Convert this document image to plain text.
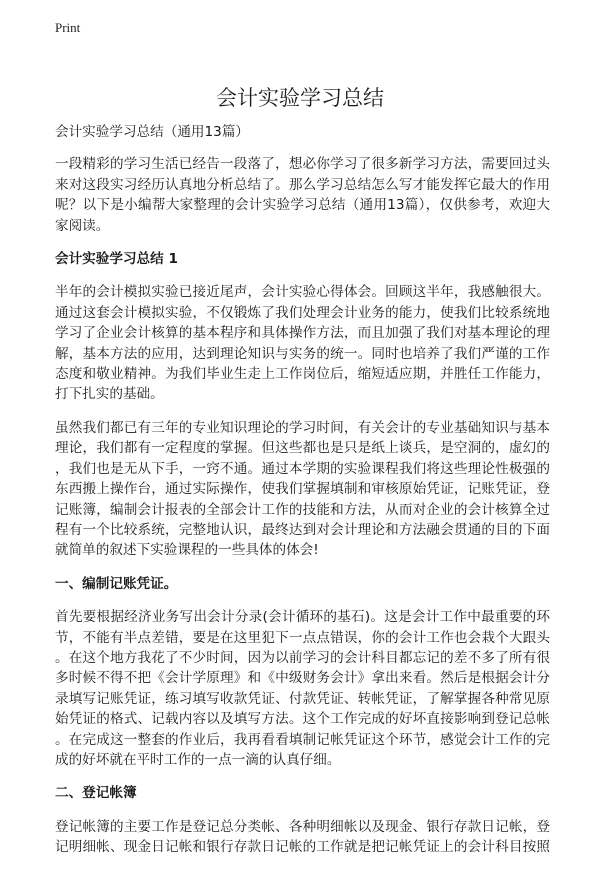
Print
会计实验学习总结
会计实验学习总结（通用13篇）
一段精彩的学习生活已经告一段落了，想必你学习了很多新学习方法，需要回过头
来对这段实习经历认真地分析总结了。那么学习总结怎么写才能发挥它最大的作用
呢？以下是小编帮大家整理的会计实验学习总结（通用13篇），仅供参考，欢迎大
家阅读。
会计实验学习总结 1
半年的会计模拟实验已接近尾声，会计实验心得体会。回顾这半年，我感触很大。
通过这套会计模拟实验，不仅锻炼了我们处理会计业务的能力，使我们比较系统地
学习了企业会计核算的基本程序和具体操作方法，而且加强了我们对基本理论的理
解，基本方法的应用，达到理论知识与实务的统一。同时也培养了我们严谨的工作
态度和敬业精神。为我们毕业生走上工作岗位后，缩短适应期，并胜任工作能力，
打下扎实的基础。
虽然我们都已有三年的专业知识理论的学习时间，有关会计的专业基础知识与基本
理论，我们都有一定程度的掌握。但这些都也是只是纸上谈兵，是空洞的，虚幻的
，我们也是无从下手，一窍不通。通过本学期的实验课程我们将这些理论性极强的
东西搬上操作台，通过实际操作，使我们掌握填制和审核原始凭证，记账凭证，登
记账簿，编制会计报表的全部会计工作的技能和方法，从而对企业的会计核算全过
程有一个比较系统，完整地认识，最终达到对会计理论和方法融会贯通的目的下面
就简单的叙述下实验课程的一些具体的体会!
一、编制记账凭证。
首先要根据经济业务写出会计分录(会计循环的基石)。这是会计工作中最重要的环
节，不能有半点差错，要是在这里犯下一点点错误，你的会计工作也会栽个大跟头
。在这个地方我花了不少时间，因为以前学习的会计科目都忘记的差不多了所有很
多时候不得不把《会计学原理》和《中级财务会计》拿出来看。然后是根据会计分
录填写记账凭证，练习填写收款凭证、付款凭证、转帐凭证，了解掌握各种常见原
始凭证的格式、记载内容以及填写方法。这个工作完成的好坏直接影响到登记总帐
。在完成这一整套的作业后，我再看看填制记帐凭证这个环节，感觉会计工作的完
成的好坏就在平时工作的一点一滴的认真仔细。
二、登记帐簿
登记帐簿的主要工作是登记总分类帐、各种明细帐以及现金、银行存款日记帐，登
记明细帐、现金日记帐和银行存款日记帐的工作就是把记帐凭证上的会计科目按照
